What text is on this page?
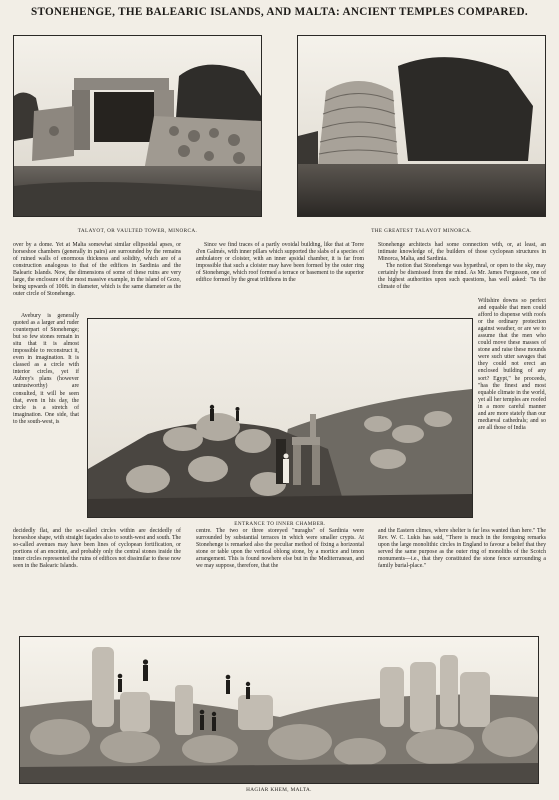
STONEHENGE, THE BALEARIC ISLANDS, AND MALTA: ANCIENT TEMPLES COMPARED.
TALAYOT, OR VAULTED TOWER, MINORCA.	THE GREATEST TALAYOT MINORCA.

over by a dome. Yet at Malta somewhat similar ellipsoidal apses, or horseshoe chambers (generally in pairs) are surrounded by the remains of ruined walls of enormous thickness and solidity, which are of a construction analogous to that of the edifices in Sardinia and the Balearic Islands. Now, the dimensions of some of these ruins are very large, the enclosure of the most massive example, in the island of Gozo, being upwards of 100ft. in diameter, which is the same diameter as the outer circle of Stonehenge.

Avebury is generally quoted as a larger and ruder counterpart of Stonehenge; but so few stones remain in situ that it is almost impossible to reconstruct it, even in imagination. It is classed as a circle with interior circles, yet if Aubrey's plans (however untrustworthy) are consulted, it will be seen that, even in his day, the circle is a stretch of imagination. One side, that to the south-west, is

Since we find traces of a partly ovoidal building, like that at Torre d'en Galmés, with inner pillars which supported the slabs of a species of ambulatory or cloister, with an inner apsidal chamber, it is far from impossible that such a cloister may have been formed by the outer ring of Stonehenge, which roof formed a terrace or basement to the superior edifice formed by the great trilithons in the

Stonehenge architects had some connection with, or, at least, an intimate knowledge of, the builders of those cyclopean structures in Minorca, Malta, and Sardinia.

The notion that Stonehenge was hypæthral, or open to the sky, may certainly be dismissed from the mind. As Mr. James Fergusson, one of the highest authorities upon such questions, has well asked: "Is the climate of the

Wiltshire downs so perfect and equable that men could afford to dispense with roofs or the ordinary protection against weather, or are we to assume that the men who could move these masses of stone and raise these mounds were such utter savages that they could not erect an enclosed building of any sort? Egypt," he proceeds, "has the finest and most equable climate in the world, yet all her temples are roofed in a more careful manner and are more stately than our mediæval cathedrals; and so are all those of India

ENTRANCE TO INNER CHAMBER.

decidedly flat, and the so-called circles within are decidedly of horseshoe shape, with straight façades also to south-west and south. The so-called avenues may have been lines of cyclopean fortification, or portions of an enceinte, and probably only the central stones inside the inner circles represented the ruins of edifices not dissimilar to these now seen in the Balearic Islands.

centre. The two or three storeyed "nuraghs" of Sardinia were surrounded by substantial terraces in which were smaller crypts. At Stonehenge is remarked also the peculiar method of fixing a horizontal stone or table upon the vertical oblong stone, by a mortice and tenon arrangement. This is found nowhere else but in the Mediterranean, and we may suppose, therefore, that the

and the Eastern climes, where shelter is far less wanted than here." The Rev. W. C. Lukis has said, "There is much in the foregoing remarks upon the large monolithic circles in England to favour a belief that they served the same purpose as the outer ring of monoliths of the Scotch monuments—i.e., that they constituted the stone fence surrounding a family burial-place."

HAGIAR KHEM, MALTA.
